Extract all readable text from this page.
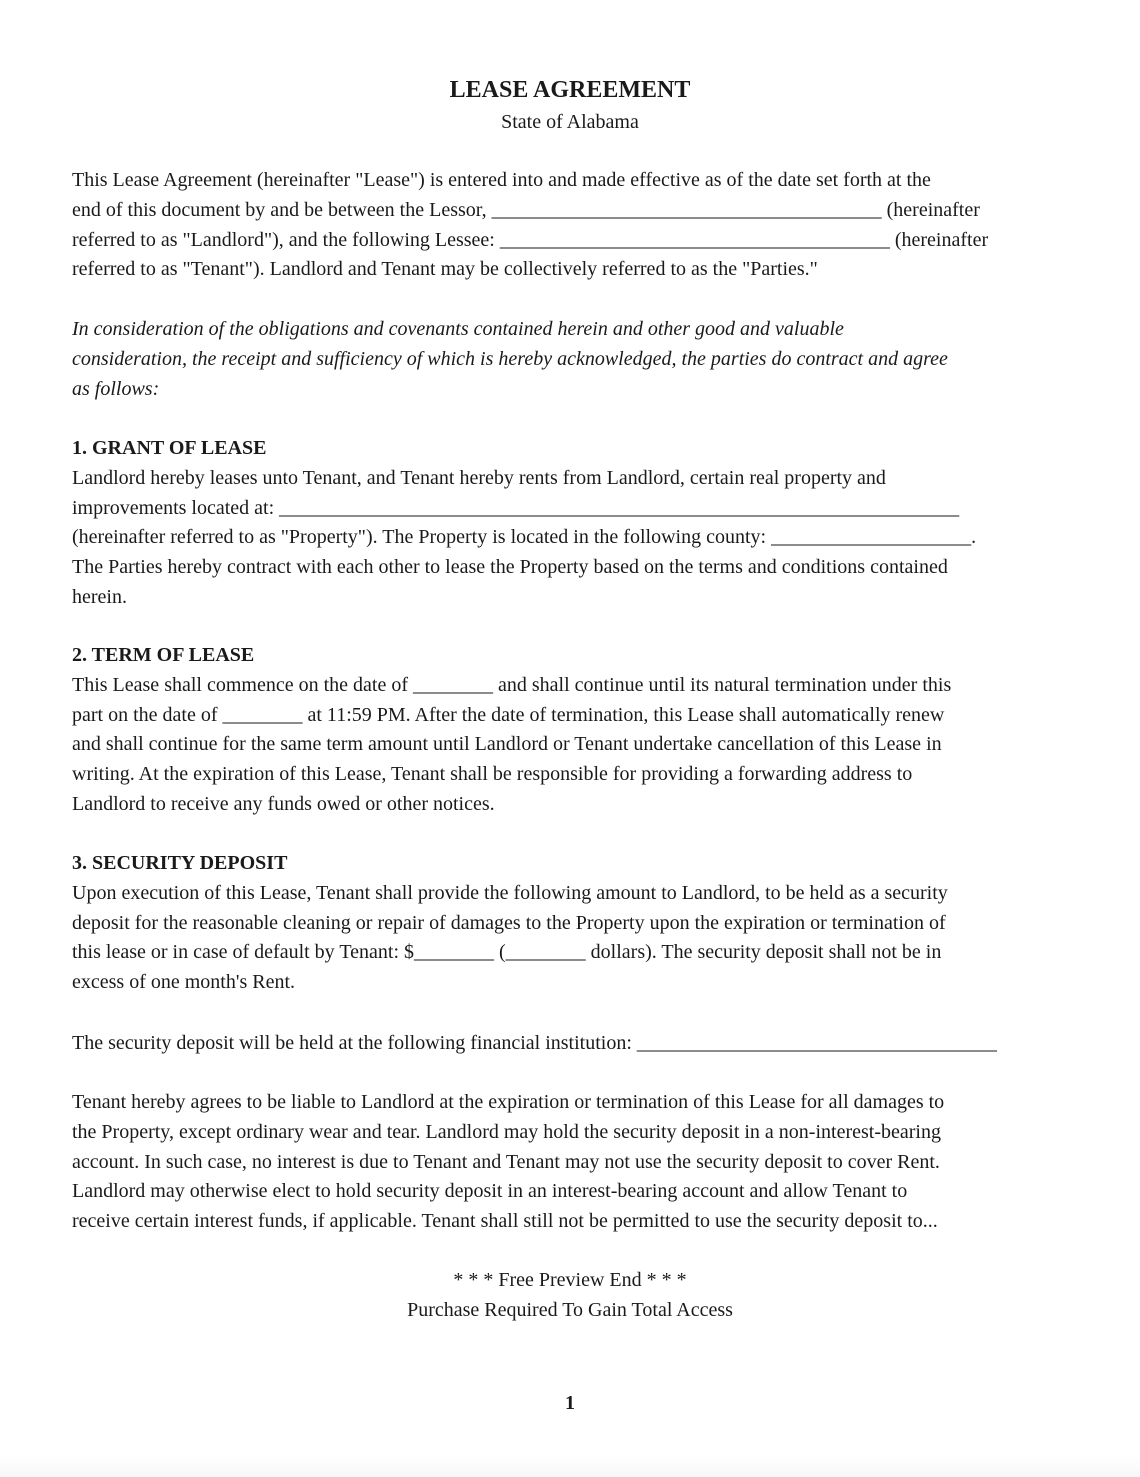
LEASE AGREEMENT
State of Alabama
This Lease Agreement (hereinafter "Lease") is entered into and made effective as of the date set forth at the
end of this document by and be between the Lessor, _______________________________________ (hereinafter
referred to as "Landlord"), and the following Lessee: _______________________________________ (hereinafter
referred to as "Tenant"). Landlord and Tenant may be collectively referred to as the "Parties."
In consideration of the obligations and covenants contained herein and other good and valuable
consideration, the receipt and sufficiency of which is hereby acknowledged, the parties do contract and agree
as follows:
1. GRANT OF LEASE
Landlord hereby leases unto Tenant, and Tenant hereby rents from Landlord, certain real property and
improvements located at: ____________________________________________________________________
(hereinafter referred to as "Property"). The Property is located in the following county: ____________________.
The Parties hereby contract with each other to lease the Property based on the terms and conditions contained
herein.
2. TERM OF LEASE
This Lease shall commence on the date of ________ and shall continue until its natural termination under this
part on the date of ________ at 11:59 PM. After the date of termination, this Lease shall automatically renew
and shall continue for the same term amount until Landlord or Tenant undertake cancellation of this Lease in
writing. At the expiration of this Lease, Tenant shall be responsible for providing a forwarding address to
Landlord to receive any funds owed or other notices.
3. SECURITY DEPOSIT
Upon execution of this Lease, Tenant shall provide the following amount to Landlord, to be held as a security
deposit for the reasonable cleaning or repair of damages to the Property upon the expiration or termination of
this lease or in case of default by Tenant: $________ (________ dollars). The security deposit shall not be in
excess of one month's Rent.
The security deposit will be held at the following financial institution: ____________________________________
Tenant hereby agrees to be liable to Landlord at the expiration or termination of this Lease for all damages to
the Property, except ordinary wear and tear. Landlord may hold the security deposit in a non-interest-bearing
account. In such case, no interest is due to Tenant and Tenant may not use the security deposit to cover Rent.
Landlord may otherwise elect to hold security deposit in an interest-bearing account and allow Tenant to
receive certain interest funds, if applicable. Tenant shall still not be permitted to use the security deposit to...
* * * Free Preview End * * *
Purchase Required To Gain Total Access
1
